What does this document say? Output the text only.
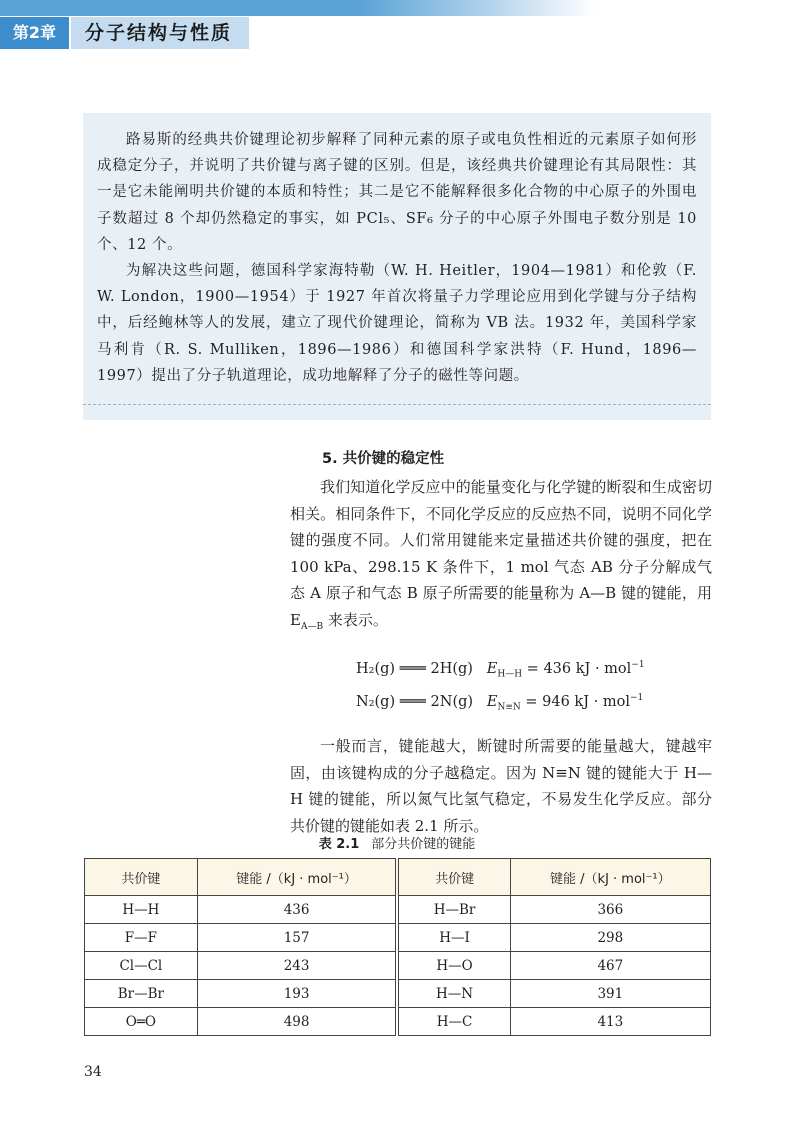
第2章	分子结构与性质

路易斯的经典共价键理论初步解释了同种元素的原子或电负性相近的元素原子如何形成稳定分子，并说明了共价键与离子键的区别。但是，该经典共价键理论有其局限性：其一是它未能阐明共价键的本质和特性；其二是它不能解释很多化合物的中心原子的外围电子数超过 8 个却仍然稳定的事实，如 PCl₅、SF₆ 分子的中心原子外围电子数分别是 10 个、12 个。

为解决这些问题，德国科学家海特勒（W. H. Heitler，1904—1981）和伦敦（F. W. London，1900—1954）于 1927 年首次将量子力学理论应用到化学键与分子结构中，后经鲍林等人的发展，建立了现代价键理论，简称为 VB 法。1932 年，美国科学家马利肯（R. S. Mulliken，1896—1986）和德国科学家洪特（F. Hund，1896—1997）提出了分子轨道理论，成功地解释了分子的磁性等问题。

5. 共价键的稳定性

我们知道化学反应中的能量变化与化学键的断裂和生成密切相关。相同条件下，不同化学反应的反应热不同，说明不同化学键的强度不同。人们常用键能来定量描述共价键的强度，把在 100 kPa、298.15 K 条件下，1 mol 气态 AB 分子分解成气态 A 原子和气态 B 原子所需要的能量称为 A—B 键的键能，用 $E_{A—B}$ 来表示。

H₂(g) ═══ 2H(g) $E_{H—H} = 436$ kJ · mol$^{-1}$
N₂(g) ═══ 2N(g) $E_{N\equiv N} = 946$ kJ · mol$^{-1}$

一般而言，键能越大，断键时所需要的能量越大，键越牢固，由该键构成的分子越稳定。因为 N≡N 键的键能大于 H—H 键的键能，所以氮气比氢气稳定，不易发生化学反应。部分共价键的键能如表 2.1 所示。

表 2.1 部分共价键的键能
共价键	键能 /（kJ · mol⁻¹）	共价键	键能 /（kJ · mol⁻¹）
H—H	436	H—Br	366
F—F	157	H—I	298
Cl—Cl	243	H—O	467
Br—Br	193	H—N	391
O═O	498	H—C	413
34
